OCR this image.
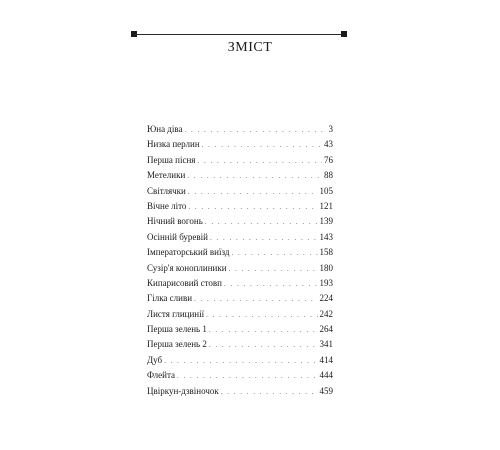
ЗМІСТ
Юна діва . . .	3
Низка перлин . . .	43
Перша пісня . . .	76
Метелики . . .	88
Світлячки . . .	105
Вічне літо . . .	121
Нічний вогонь . . .	139
Осінній буревій . . .	143
Імператорський виїзд . . .	158
Сузір'я коноплиники . . .	180
Кипарисовий стовп . . .	193
Гілка сливи . . .	224
Листя глицинії . . .	242
Перша зелень 1 . . .	264
Перша зелень 2 . . .	341
Дуб . . .	414
Флейта . . .	444
Цвіркун-дзвіночок . . .	459
